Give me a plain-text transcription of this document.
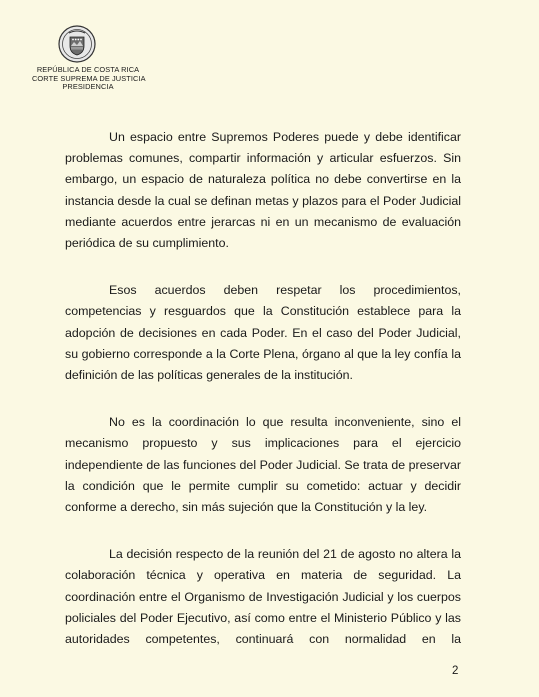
REPÚBLICA DE COSTA RICA
CORTE SUPREMA DE JUSTICIA
PRESIDENCIA

Un espacio entre Supremos Poderes puede y debe identificar problemas comunes, compartir información y articular esfuerzos. Sin embargo, un espacio de naturaleza política no debe convertirse en la instancia desde la cual se definan metas y plazos para el Poder Judicial mediante acuerdos entre jerarcas ni en un mecanismo de evaluación periódica de su cumplimiento.

Esos acuerdos deben respetar los procedimientos, competencias y resguardos que la Constitución establece para la adopción de decisiones en cada Poder. En el caso del Poder Judicial, su gobierno corresponde a la Corte Plena, órgano al que la ley confía la definición de las políticas generales de la institución.

No es la coordinación lo que resulta inconveniente, sino el mecanismo propuesto y sus implicaciones para el ejercicio independiente de las funciones del Poder Judicial. Se trata de preservar la condición que le permite cumplir su cometido: actuar y decidir conforme a derecho, sin más sujeción que la Constitución y la ley.

La decisión respecto de la reunión del 21 de agosto no altera la colaboración técnica y operativa en materia de seguridad. La coordinación entre el Organismo de Investigación Judicial y los cuerpos policiales del Poder Ejecutivo, así como entre el Ministerio Público y las autoridades competentes, continuará con normalidad en la

2
